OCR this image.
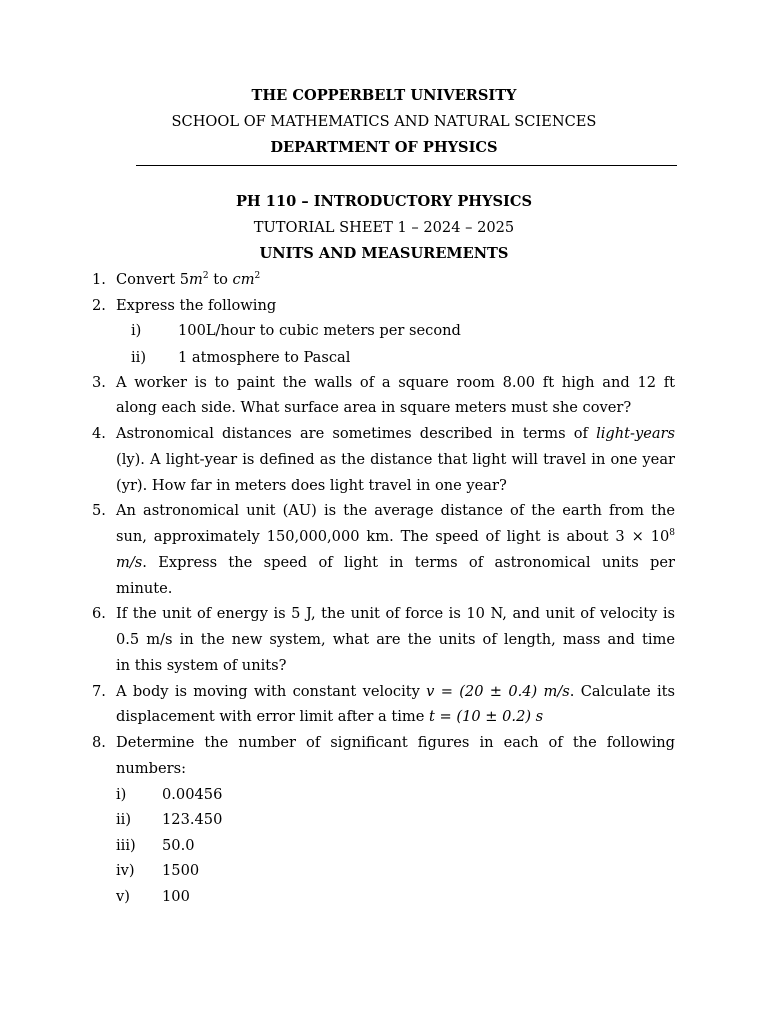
THE COPPERBELT UNIVERSITY
SCHOOL OF MATHEMATICS AND NATURAL SCIENCES
DEPARTMENT OF PHYSICS
PH 110 – INTRODUCTORY PHYSICS
TUTORIAL SHEET 1 – 2024 – 2025
UNITS AND MEASUREMENTS
1. Convert $5m^2$ to $cm^2$
2. Express the following
i)	100L/hour to cubic meters per second
ii) 1 atmosphere to Pascal
3. A worker is to paint the walls of a square room 8.00 ft high and 12 ft
along each side. What surface area in square meters must she cover?
4. Astronomical distances are sometimes described in terms of light-years
(ly). A light-year is defined as the distance that light will travel in one year
(yr). How far in meters does light travel in one year?
5. An astronomical unit (AU) is the average distance of the earth from the
sun, approximately 150,000,000 km. The speed of light is about $3 \times 10^8$
m/s. Express the speed of light in terms of astronomical units per
minute.
6. If the unit of energy is 5 J, the unit of force is 10 N, and unit of velocity is
0.5 m/s in the new system, what are the units of length, mass and time
in this system of units?
7. A body is moving with constant velocity v = (20 ± 0.4) m/s. Calculate its
displacement with error limit after a time t = (10 ± 0.2) s
8. Determine the number of significant figures in each of the following
numbers:
i) 0.00456
ii) 123.450
iii) 50.0
iv) 1500
v) 100
